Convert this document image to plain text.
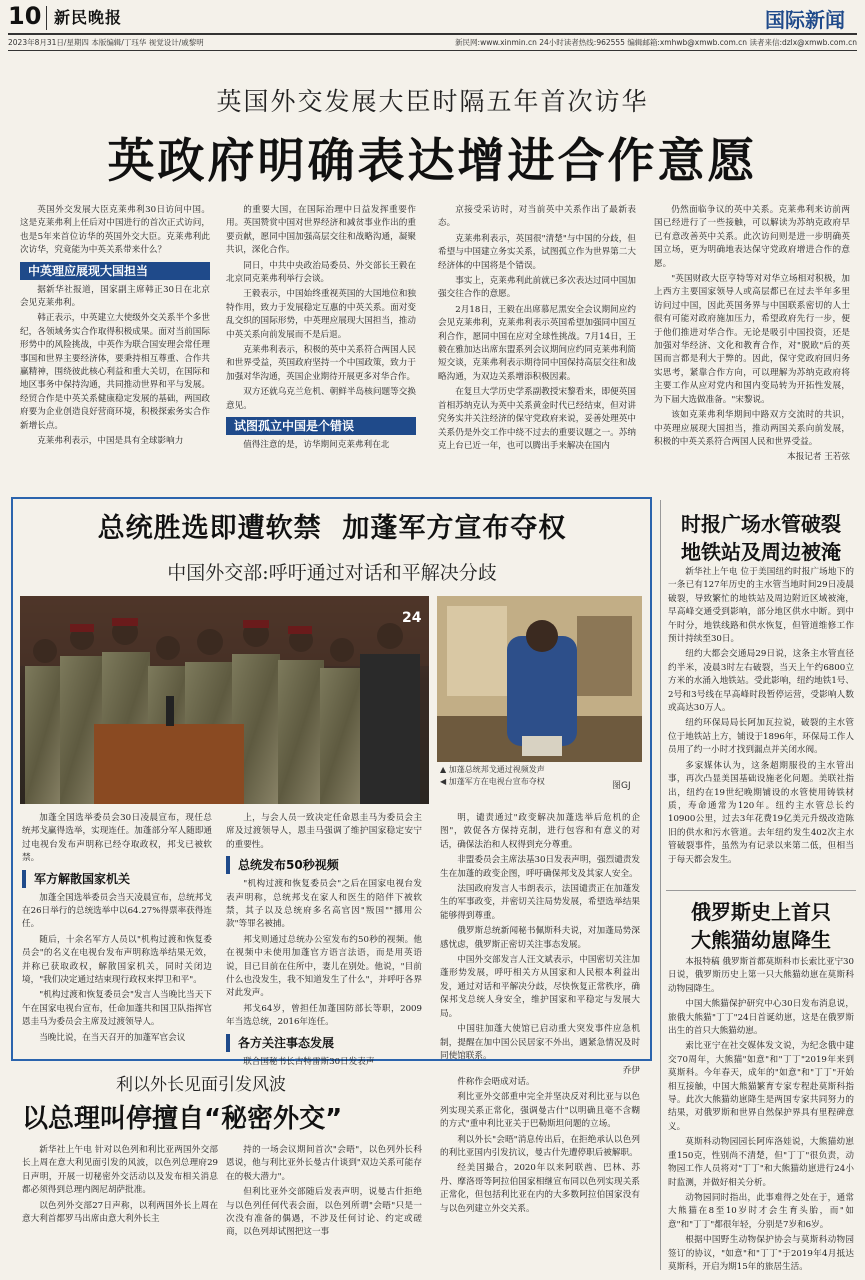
10 新民晚报	国际新闻
2023年8月31日/星期四 本版编辑/丁珏华 视觉设计/戚黎明	新民网:www.xinmin.cn 24小时读者热线:962555 编辑邮箱:xmhwb@xmwb.com.cn 读者来信:dzlx@xmwb.com.cn
英国外交发展大臣时隔五年首次访华
英政府明确表达增进合作意愿

英国外交发展大臣克莱弗利30日访问中国。这是克莱弗利上任后对中国进行的首次正式访问，也是5年来首位访华的英国外交大臣。克莱弗利此次访华，究竟能为中英关系带来什么？

中英理应展现大国担当

据新华社报道，国家副主席韩正30日在北京会见克莱弗利。

韩正表示，中英建立大使级外交关系半个多世纪，各领域务实合作取得积极成果。面对当前国际形势中的风险挑战，中英作为联合国安理会常任理事国和世界主要经济体，要秉持相互尊重、合作共赢精神，围绕彼此核心利益和重大关切，在国际和地区事务中保持沟通，共同推动世界和平与发展。经贸合作是中英关系健康稳定发展的基础，两国政府要为企业创造良好营商环境，积极探索务实合作新增长点。

克莱弗利表示，中国是具有全球影响力

的重要大国，在国际治理中日益发挥重要作用。英国赞赏中国对世界经济和减贫事业作出的重要贡献，愿同中国加强高层交往和战略沟通，凝聚共识，深化合作。

同日，中共中央政治局委员、外交部长王毅在北京同克莱弗利举行会谈。

王毅表示，中国始终重视英国的大国地位和独特作用，致力于发展稳定互惠的中英关系。面对变乱交织的国际形势，中英理应展现大国担当，推动中英关系向前发展而不是后退。

克莱弗利表示，积极的英中关系符合两国人民和世界受益，英国政府坚持一个中国政策，致力于加强对华沟通，英国企业期待开展更多对华合作。

双方还就乌克兰危机、朝鲜半岛核问题等交换意见。

试图孤立中国是个错误

值得注意的是，访华期间克莱弗利在北

京接受采访时，对当前英中关系作出了最新表态。

克莱弗利表示，英国很"清楚"与中国的分歧，但希望与中国建立务实关系，试图孤立作为世界第二大经济体的中国将是个错误。

事实上，克莱弗利此前就已多次表达过同中国加强交往合作的意愿。

2月18日，王毅在出席慕尼黑安全会议期间应约会见克莱弗利，克莱弗利表示英国希望加强同中国互利合作，愿同中国在应对全球性挑战。7月14日，王毅在雅加达出席东盟系列会议期间应约同克莱弗利简短交谈，克莱弗利表示期待同中国保持高层交往和战略沟通，为双边关系增添积极因素。

在复旦大学历史学系副教授宋黎看来，即便英国首相苏纳克认为英中关系黄金时代已经结束，但对讲究务实并关注经济的保守党政府来说，妥善处理英中关系仍是外交工作中绕不过去的重要议题之一。苏纳克上台已近一年，也可以腾出手来解决在国内

仍然面临争议的英中关系。克莱弗利来访前两国已经进行了一些接触，可以解读为苏纳克政府早已有意改善英中关系。此次访问则是进一步明确英国立场，更为明确地表达保守党政府增进合作的意愿。

"英国财政大臣亨特等对对华立场相对积极，加上西方主要国家领导人或高层都已在过去半年多里访问过中国，因此英国务界与中国联系密切的人士很有可能对政府施加压力，希望政府先行一步，便于他们推进对华合作。无论是吸引中国投资，还是加强对华经济、文化和教育合作，对"脱欧"后的英国而言都是利大于弊的。因此，保守党政府回归务实思考，紧靠合作方向，可以理解为苏纳克政府将主要工作从应对党内和国内变局转为开拓性发展，为下届大选做准备。"宋黎说。

该如克莱弗利华期间中路双方交流时的共识，中英理应展现大国担当，推动两国关系向前发展，积极的中英关系符合两国人民和世界受益。

本报记者 王若弦

总统胜选即遭软禁  加蓬军方宣布夺权
中国外交部:呼吁通过对话和平解决分歧
24

▲ 加蓬总统邦戈通过视频发声

◀ 加蓬军方在电视台宣布夺权	图GJ

加蓬全国选举委员会30日凌晨宣布，现任总统邦戈赢得选举，实现连任。加蓬部分军人随即通过电视台发布声明称已经夺取政权，邦戈已被软禁。

军方解散国家机关

加蓬全国选举委员会当天凌晨宣布，总统邦戈在26日举行的总统选举中以64.27%得票率获得连任。

随后，十余名军方人员以"机构过渡和恢复委员会"的名义在电视台发布声明称选举结果无效，并称已获取政权，解散国家机关，同时关闭边境，"我们决定通过结束现行政权来捍卫和平"。

"机构过渡和恢复委员会"发言人当晚比当天下午在国家电视台宣布，任命加蓬共和国卫队指挥官恩圭马为委员会主席及过渡领导人。

当晚比说，在当天召开的加蓬军官会议

上，与会人员一致决定任命恩圭马为委员会主席及过渡领导人，恩圭马强调了维护国家稳定安宁的重要性。

总统发布50秒视频

"机构过渡和恢复委员会"之后在国家电视台发表声明称，总统邦戈在家人和医生的陪伴下被软禁，其子以及总统府多名高官因"叛国""挪用公款"等罪名被捕。

邦戈则通过总统办公室发布约50秒的视频。他在视频中未使用加蓬官方语言法语，而是用英语说，目已目前在住所中，妻儿在别处。他说，"目前什么也没发生，我不知道发生了什么"，并呼吁各界对此发声。

邦戈64岁，曾担任加蓬国防部长等职，2009年当选总统，2016年连任。

各方关注事态发展

联合国秘书长古特雷斯30日发表声

明，谴责通过"政变解决加蓬选举后危机的企图"，敦促各方保持克制，进行包容和有意义的对话，确保法治和人权得到充分尊重。

非盟委员会主席法基30日发表声明，强烈谴责发生在加蓬的政变企图，呼吁确保邦戈及其家人安全。

法国政府发言人韦朗表示，法国谴责正在加蓬发生的军事政变，并密切关注局势发展，希望选举结果能够得到尊重。

俄罗斯总统新闻秘书佩斯科夫说，对加蓬局势深感忧虑，俄罗斯正密切关注事态发展。

中国外交部发言人汪文斌表示，中国密切关注加蓬形势发展，呼吁相关方从国家和人民根本利益出发，通过对话和平解决分歧，尽快恢复正常秩序，确保邦戈总统人身安全，维护国家和平稳定与发展大局。

中国驻加蓬大使馆已启动重大突发事件应急机制，提醒在加中国公民居家不外出，遇紧急情况及时同使馆联系。

乔伊

时报广场水管破裂
地铁站及周边被淹

新华社上午电 位于美国纽约时报广场地下的一条已有127年历史的主水管当地时间29日凌晨破裂，导致繁忙的地铁站及周边附近区域被淹，早高峰交通受到影响，部分地区供水中断。到中午时分，地铁线路和供水恢复，但管道维修工作预计持续至30日。

纽约大都会交通局29日说，这条主水管直径约半米，凌晨3时左右破裂，当天上午约6800立方米的水涌入地铁站。受此影响，纽约地铁1号、2号和3号线在早高峰时段暂停运营，受影响人数或高达30万人。

纽约环保局局长阿加瓦拉说，破裂的主水管位于地铁站上方，铺设于1896年，环保局工作人员用了约一小时才找到漏点并关闭水阀。

多家媒体认为，这条超期服役的主水管出事，再次凸显美国基础设施老化问题。美联社指出，纽约在19世纪晚期铺设的水管使用铸铁材质，寿命通常为120年。纽约主水管总长约10900公里，过去3年花费19亿美元升级改造陈旧的供水和污水管道。去年纽约发生402次主水管破裂事件，虽然为有记录以来第二低，但相当于每天都会发生。

俄罗斯史上首只
大熊猫幼崽降生

本报特稿 俄罗斯首都莫斯科市长索比亚宁30日说，俄罗斯历史上第一只大熊猫幼崽在莫斯科动物园降生。

中国大熊猫保护研究中心30日发布消息说，旅俄大熊猫"丁丁"24日首诞幼崽，这是在俄罗斯出生的首只大熊猫幼崽。

索比亚宁在社交媒体发文说，为纪念俄中建交70周年，大熊猫"如意"和"丁丁"2019年来到莫斯科。今年春天，成年的"如意"和"丁丁"开始相互接触，中国大熊猫繁育专家专程赴莫斯科指导。此次大熊猫幼崽降生是两国专家共同努力的结果，对俄罗斯和世界自然保护界具有里程碑意义。

莫斯科动物园园长阿库洛娃说，大熊猫幼崽重150克，性别尚不清楚，但"丁丁"很负责，动物园工作人员将对"丁丁"和大熊猫幼崽进行24小时监测，并做好相关分析。

动物园同时指出，此事难得之处在于，通常大熊猫在8至10岁时才会生育头胎，而"如意"和"丁丁"都很年轻，分别是7岁和6岁。

根据中国野生动物保护协会与莫斯科动物园签订的协议，"如意"和"丁丁"于2019年4月抵达莫斯科，开启为期15年的旅居生活。

利以外长见面引发风波
以总理叫停擅自“秘密外交”

新华社上午电 针对以色列和利比亚两国外交部长上周在意大利见面引发的风波，以色列总理府29日声明，开展一切秘密外交活动以及发布相关消息都必须得到总理内阁尼胡萨批准。

以色列外交部27日声称，以利两国外长上周在意大利首都罗马出席由意大利外长主

持的一场会议期间首次"会晤"，以色列外长科恩说，他与利比亚外长曼古什谈到"双边关系可能存在的极大潜力"。

但利比亚外交部随后发表声明，说曼古什拒绝与以色列任何代表会面，以色列所谓"会晤"只是一次没有准备的偶遇，不涉及任何讨论、约定或磋商，以色列却试图把这一事

件称作会晤成对话。

利比亚外交部重申完全并坚决反对利比亚与以色列实现关系正常化，强调曼古什"以明确且毫不含糊的方式"重申利比亚关于巴勒斯坦问题的立场。

利以外长"会晤"消息传出后，在拒绝承认以色列的利比亚国内引发抗议，曼古什先遭停职后被解职。

经美国撮合，2020年以来阿联酋、巴林、苏丹、摩洛哥等阿拉伯国家相继宣布同以色列实现关系正常化，但包括利比亚在内的大多数阿拉伯国家没有与以色列建立外交关系。
